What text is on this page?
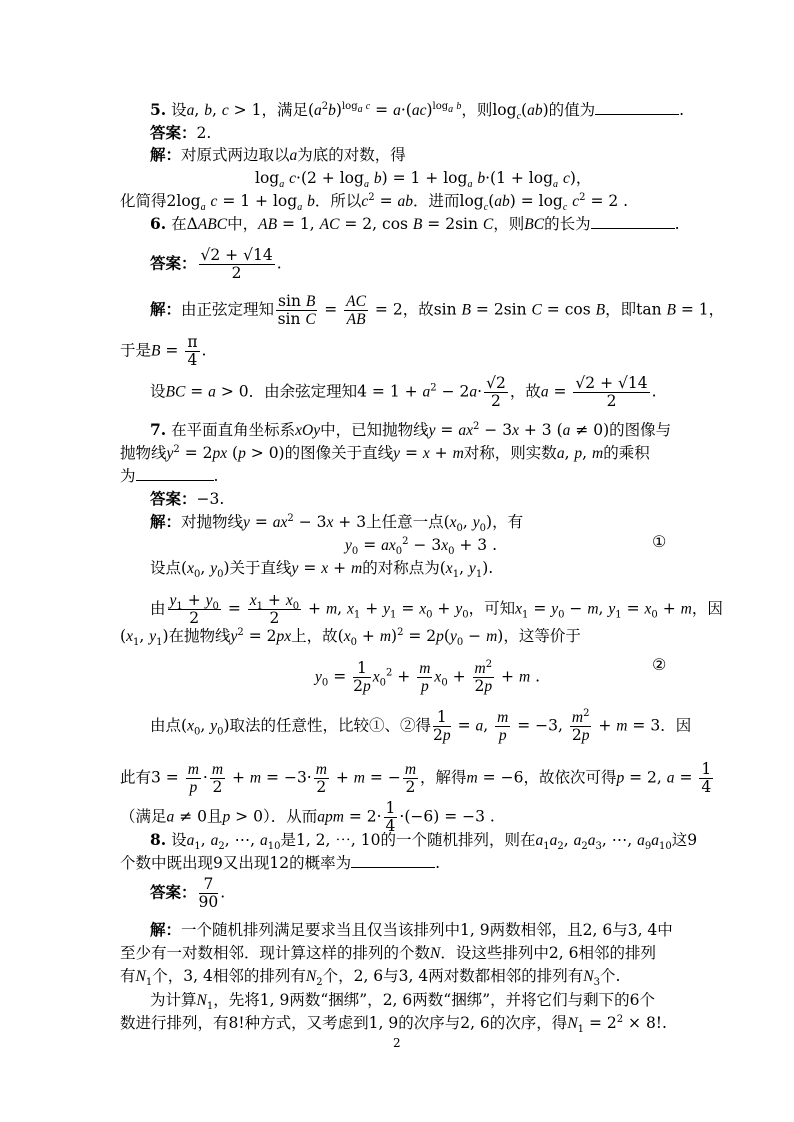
5. 设a, b, c > 1，满足$(a^2b)^{log_a c} = a\cdot(ac)^{log_a b}$，则$\log_c(ab)$的值为	.
答案：2.
解：对原式两边取以a为底的对数，得
$\log_a c\cdot(2 + \log_a b) = 1 + \log_a b\cdot(1 + \log_a c)$，
化简得$2\log_a$ $c = 1 + \log_a b$．所以$c^2$ = ab．进而$\log_c(ab) = \log_c c^2 = 2$ .
6. 在ΔABC中，AB = 1, AC = 2, cos B = 2sin C，则BC的长为	.
答案： $\frac{√2 + √14}{2}$ .
解：由正弦定理知 $\frac{\text{sin B}}{\text{sin C}} = \frac{AC}{AB} = 2$，故sin B = 2sin C = cos B，即tan B = 1，
于是$B = \frac{\pi}{4}$ .
设BC = a > 0．由余弦定理知$4 = 1 + a^2 - 2a\cdot \frac{√2}{2}$ ，故$a = \frac{√2 + √14}{2}$ .
7. 在平面直角坐标系xOy中，已知抛物线$y = ax^2 - 3x + 3$ (a ≠ 0)的图像与
抛物线$y^2 = 2px$ (p > 0)的图像关于直线y = x + m对称，则实数a, p, m的乘积
为	.
答案：−3.
解：对抛物线$y = ax^2 - 3x + 3$上任意一点($x_0$, $y_0$)，有
$y_0 = ax_0^2 - 3x_0 + 3$ .	①
设点($x_0$, $y_0$)关于直线y = x + m的对称点为($x_1$, $y_1$).
由 $\frac{y_1 + y_0}{2} = \frac{x_1 + x_0}{2} + m$, $x_1 + y_1 = x_0 + y_0$，可知$x_1 = y_0 - m$, $y_1 = x_0 + m$，因
($x_1$, $y_1$)在抛物线$y^2 = 2px$上，故$(x_0 + m)^2 = 2p(y_0 - m)$，这等价于
$y_0 = \frac{1}{2p} x_0^2 + \frac{m}{p} x_0 + \frac{m^2}{2p} + m$ .
②
由点($x_0$, $y_0$)取法的任意性，比较①、②得 $\frac{1}{2p} = a$, $\frac{m}{p} = -3$, $\frac{m^2}{2p} + m = 3$．因
此有$3 = \frac{m}{p} \cdot \frac{m}{2} + m = -3\cdot \frac{m}{2} + m$ = − $\frac{m}{2}$ ，解得m = −6，故依次可得p = 2, $a = \frac{1}{4}$
（满足a ≠ 0且p > 0）．从而apm = $2\cdot \frac{1}{4} \cdot(-6) = -3$ .
8. 设$a_1$, $a_2$, ⋯, $a_{10}$是1, 2, ⋯, 10的一个随机排列，则在$a_1a_2$, $a_2a_3$, ⋯, $a_9a_{10}$这9
个数中既出现9又出现12的概率为	.
答案： $\frac{7}{90}$ .
解：一个随机排列满足要求当且仅当该排列中1, 9两数相邻，且2, 6与3, 4中
至少有一对数相邻．现计算这样的排列的个数N．设这些排列中2, 6相邻的排列
有$N_1$个，3, 4相邻的排列有$N_2$个，2, 6与3, 4两对数都相邻的排列有$N_3$个.
为计算$N_1$，先将1, 9两数“捆绑”，2, 6两数“捆绑”，并将它们与剩下的6个
数进行排列，有8!种方式，又考虑到1, 9的次序与2, 6的次序，得$N_1 = 2^2 \times 8$!.
2
